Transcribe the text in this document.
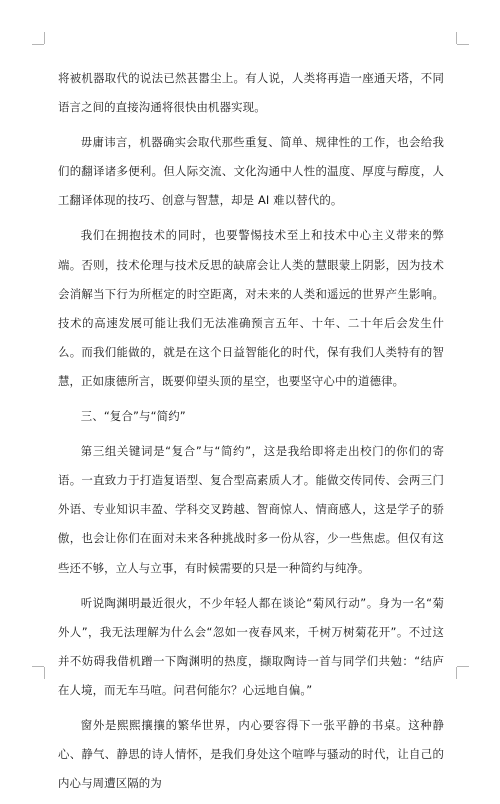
将被机器取代的说法已然甚嚣尘上。有人说，人类将再造一座通天塔，不同语言之间的直接沟通将很快由机器实现。

毋庸讳言，机器确实会取代那些重复、简单、规律性的工作，也会给我们的翻译诸多便利。但人际交流、文化沟通中人性的温度、厚度与醇度，人工翻译体现的技巧、创意与智慧，却是 AI 难以替代的。

我们在拥抱技术的同时，也要警惕技术至上和技术中心主义带来的弊端。否则，技术伦理与技术反思的缺席会让人类的慧眼蒙上阴影，因为技术会消解当下行为所框定的时空距离，对未来的人类和遥远的世界产生影响。技术的高速发展可能让我们无法准确预言五年、十年、二十年后会发生什么。而我们能做的，就是在这个日益智能化的时代，保有我们人类特有的智慧，正如康德所言，既要仰望头顶的星空，也要坚守心中的道德律。

三、“复合”与“简约”

第三组关键词是“复合”与“简约”，这是我给即将走出校门的你们的寄语。一直致力于打造复语型、复合型高素质人才。能做交传同传、会两三门外语、专业知识丰盈、学科交叉跨越、智商惊人、情商感人，这是学子的骄傲，也会让你们在面对未来各种挑战时多一份从容，少一些焦虑。但仅有这些还不够，立人与立事，有时候需要的只是一种简约与纯净。

听说陶渊明最近很火，不少年轻人都在谈论“菊风行动”。身为一名“菊外人”，我无法理解为什么会“忽如一夜春风来，千树万树菊花开”。不过这并不妨碍我借机蹭一下陶渊明的热度，撷取陶诗一首与同学们共勉：“结庐在人境，而无车马喧。问君何能尔？心远地自偏。”

窗外是熙熙攘攘的繁华世界，内心要容得下一张平静的书桌。这种静心、静气、静思的诗人情怀，是我们身处这个喧哗与骚动的时代，让自己的内心与周遭区隔的为
